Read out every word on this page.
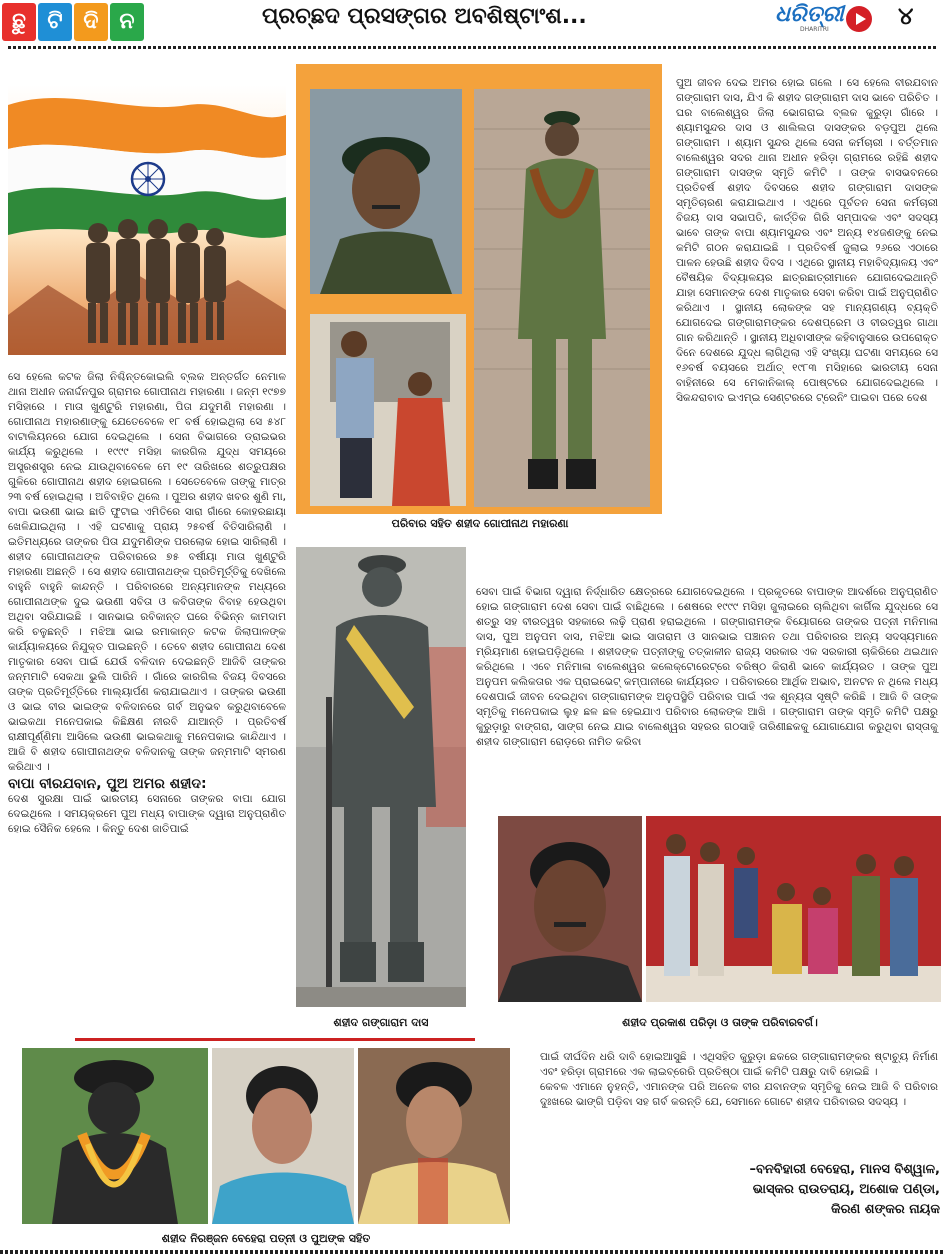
ଛୁ ଟି ଦି ନ	ପ୍ରଚ୍ଛଦ ପ୍ରସଙ୍ଗର ଅବଶିଷ୍ଟାଂଶ...	ଧରିତ୍ରୀ
DHARITRI	୪
ପରିବାର ସହିତ ଶହୀଦ ଗୋପୀନାଥ ମହାରଣା
ଶହୀଦ ଗଙ୍ଗାରାମ ଦାସ	ଶହୀଦ ପ୍ରକାଶ ପରିଡ଼ା ଓ ତାଙ୍କ ପରିବାରବର୍ଗ।
ଶହୀଦ ନିରଞ୍ଜନ ବେହେରା ପତ୍ନୀ ଓ ପୁଅଙ୍କ ସହିତ

ସେ ହେଲେ କଟକ ଜିଲା ନିଶ୍ଚିନ୍ତକୋଇଲି ବ୍ଲକ ଅନ୍ତର୍ଗତ ନେମାଳ ଥାନା ଅଧୀନ ଜନାର୍ଦ୍ଦନପୁର ଗ୍ରାମର ଗୋପୀନାଥ ମହାରଣା । ଜନ୍ମ ୧୯୭୭ ମସିହାରେ । ମାତା ଖୁଣ୍ଟୁରି ମହାରଣା, ପିତା ଯଦୁମଣି ମହାରଣା । ଗୋପୀନାଥ ମହାରଣାଙ୍କୁ ଯେତେବେଳେ ୧୮ ବର୍ଷ ହୋଇଥିଲା ସେ ୫୪୮ ବାଟାଲିୟନରେ ଯୋଗ ଦେଇଥିଲେ । ସେନା ବିଭାଗରେ ଡ୍ରାଇଭର କାର୍ଯ୍ୟ କରୁଥିଲେ । ୧୯୯୯ ମସିହା କାରଗିଲ ଯୁଦ୍ଧ ସମୟରେ ଅସ୍ତ୍ରଶସ୍ତ୍ର ନେଇ ଯାଉଥିବାବେଳେ ମେ ୧୯ ତାରିଖରେ ଶତ୍ରୁପକ୍ଷର ଗୁଳିରେ ଗୋପୀନାଥ ଶହୀଦ ହୋଇଗଲେ । ସେତେବେଳେ ତାଙ୍କୁ ମାତ୍ର ୨୩ ବର୍ଷ ହୋଇଥିଲା । ଅବିବାହିତ ଥିଲେ । ପୁଅର ଶହୀଦ ଖବର ଶୁଣି ମା, ବାପା ଭଉଣୀ ଭାଇ ଛାତି ଫୁଟାଇ ଏମିତିରେ ସାରା ଗାଁରେ କୋହରଛାୟା ଖେଳିଯାଇଥିଲା । ଏହି ଘଟଣାକୁ ପ୍ରାୟ ୨୫ବର୍ଷ ବିତିସାରିଲାଣି । ଇତିମଧ୍ୟରେ ତାଙ୍କର ପିତା ଯଦୁମଣିଙ୍କ ପରଲୋକ ହୋଇ ସାରିଲାଣି । ଶହୀଦ ଗୋପୀନାଥଙ୍କ ପରିବାରରେ ୭୫ ବର୍ଷୀୟା ମାତା ଖୁଣ୍ଟୁରି ମହାରଣା ଅଛନ୍ତି । ସେ ଶହୀଦ ଗୋପୀନାଥଙ୍କ ପ୍ରତିମୂର୍ତ୍ତିକୁ ଦେଖିଲେ ବାହୁନି ବାହୁନି କାନ୍ଦନ୍ତି । ପରିବାରରେ ଅନ୍ୟମାନଙ୍କ ମଧ୍ୟରେ ଗୋପୀନାଥଙ୍କ ଦୁଇ ଭଉଣୀ ସବିତା ଓ କବିତାଙ୍କ ବିବାହ ହେଉଥିବା ଅଥିବା ସରିଯାଇଛି । ସାନଭାଇ ରବିକାନ୍ତ ଘରେ ବିଭିନ୍ନ କାମଦାମ କରି ଚଳୁଛନ୍ତି । ମଝିଆ ଭାଇ ରମାକାନ୍ତ କଟକ ଜିଲାପାଳଙ୍କ କାର୍ଯ୍ୟାଳୟରେ ନିଯୁକ୍ତ ପାଇଛନ୍ତି । ତେବେ ଶହୀଦ ଗୋପୀନାଥ ଦେଶ ମାତୃକାର ସେବା ପାଇଁ ଯେଉଁ ବଳିଦାନ ଦେଇଛନ୍ତି ଆଜିବି ତାଙ୍କର ଜନ୍ମମାଟି ସେକଥା ଭୁଲି ପାରିନି । ଗାଁରେ କାରଗିଲ ବିଜୟ ଦିବସରେ ତାଙ୍କ ପ୍ରତିମୂର୍ତ୍ତିରେ ମାଲ୍ୟାର୍ପଣ କରାଯାଇଥାଏ । ତାଙ୍କର ଭଉଣୀ ଓ ଭାଇ ବୀର ଭାଇଙ୍କ ବଳିଦାନରେ ଗର୍ବ ଅନୁଭବ କରୁଥିବାବେଳେ ଭାଇକଥା ମନେପକାଇ କିଛିକ୍ଷଣ ନୀରବି ଯାଆନ୍ତି । ପ୍ରତିବର୍ଷ ରାକ୍ଷୀପୂର୍ଣ୍ଣିମା ଆସିଲେ ଭଉଣୀ ଭାଇକଥାକୁ ମନେପକାଇ କାନ୍ଦିଥାଏ । ଆଜି ବି ଶହୀଦ ଗୋପୀନାଥଙ୍କ ବଳିଦାନକୁ ତାଙ୍କ ଜନ୍ମମାଟି ସ୍ମରଣ କରିଥାଏ ।

ବାପା ବୀରଯବାନ, ପୁଅ ଅମର ଶହୀଦ:

ଦେଶ ସୁରକ୍ଷା ପାଇଁ ଭାରତୀୟ ସେନାରେ ତାଙ୍କର ବାପା ଯୋଗ ଦେଇଥିଲେ । ସମୟକ୍ରମେ ପୁଅ ମଧ୍ୟ ବାପାଙ୍କ ଦ୍ୱାରା ଅନୁପ୍ରାଣିତ ହୋଇ ସୈନିକ ହେଲେ । କିନ୍ତୁ ଦେଶ ଜାତିପାଇଁ

ପୁଅ ଜୀବନ ଦେଇ ଅମର ହୋଇ ଗଲେ । ସେ ହେଲେ ବୀରଯବାନ ଗଙ୍ଗାରାମ ଦାସ, ଯିଏ କି ଶହୀଦ ଗଙ୍ଗାରାମ ଦାସ ଭାବେ ପରିଚିତ । ଘର ବାଲେଶ୍ୱର ଜିଲା ଭୋଗରାଇ ବ୍ଲକ କୁରୁଡ଼ା ଗାଁରେ । ଶ୍ୟାମସୁନ୍ଦର ଦାସ ଓ ଶାଲିଲତା ଦାସଙ୍କର ବଡ଼ପୁଅ ଥିଲେ ଗଙ୍ଗାରାମ । ଶ୍ୟାମ ସୁନ୍ଦର ଥିଲେ ସେନା କର୍ମଚାରୀ । ବର୍ତ୍ତମାନ ବାଲେଶ୍ୱର ସଦର ଥାନା ଅଧୀନ ହରିଡ଼ା ଗ୍ରାମରେ ରହିଛି ଶହୀଦ ଗଙ୍ଗାରାମ ଦାସଙ୍କ ସ୍ମୃତି କମିଟି । ତାଙ୍କ ବାସଭବନରେ ପ୍ରତିବର୍ଷ ଶହୀଦ ଦିବସରେ ଶହୀଦ ଗଙ୍ଗାରାମ ଦାସଙ୍କ ସ୍ମୃତିଚାରଣ କରାଯାଇଥାଏ । ଏଥିରେ ପୂର୍ବତନ ସେନା କର୍ମଚାରୀ ବିଜୟ ଦାସ ସଭାପତି, କାର୍ତ୍ତିକ ଗିରି ସମ୍ପାଦକ ଏବଂ ସଦସ୍ୟ ଭାବେ ତାଙ୍କ ବାପା ଶ୍ୟାମସୁନ୍ଦର ଏବଂ ଅନ୍ୟ ୧୪ଜଣଙ୍କୁ ନେଇ କମିଟି ଗଠନ କରାଯାଇଛି । ପ୍ରତିବର୍ଷ ଜୁଲାଇ ୨୬ରେ ଏଠାରେ ପାଳନ ହେଉଛି ଶହୀଦ ଦିବସ । ଏଥିରେ ସ୍ଥାନୀୟ ମହାବିଦ୍ୟାଳୟ ଏବଂ ବୈଷୟିକ ବିଦ୍ୟାଳୟର ଛାତ୍ରଛାତ୍ରୀମାନେ ଯୋଗଦେଇଥାନ୍ତି ଯାହା ସେମାନଙ୍କ ଦେଶ ମାତୃକାର ସେବା କରିବା ପାଇଁ ଅନୁପ୍ରାଣିତ କରିଥାଏ । ସ୍ଥାନୀୟ ଲୋକଙ୍କ ସହ ମାନ୍ୟଗଣ୍ୟ ବ୍ୟକ୍ତି ଯୋଗଦେଇ ଗଙ୍ଗାରାମଙ୍କର ଦେଶପ୍ରେମ ଓ ବୀରତ୍ୱର ଗାଥା ଗାନ କରିଥାନ୍ତି । ସ୍ଥାନୀୟ ଅଧିବାସୀଙ୍କ କହିବାନୁସାରେ ଉପରୋକ୍ତ ଦିନେ ଦେଶରେ ଯୁଦ୍ଧ ଲାଗିଥିଲା ଏହି ସଂଖ୍ୟା ଘଟଣା ସମୟରେ ସେ ୧୬ବର୍ଷ ବୟସରେ ଅର୍ଥାତ୍ ୧୯୮୩ ମସିହାରେ ଭାରତୀୟ ସେନା ବାହିନୀରେ ସେ ମେକାନିକାଲ୍ ପୋଷ୍ଟରେ ଯୋଗଦେଇଥିଲେ । ସିକନ୍ଦରାବାଦ ଇଏମ୍ଇ ସେଣ୍ଟରରେ ଟ୍ରେନିଂ ପାଇବା ପରେ ଦେଶ

ସେବା ପାଇଁ ବିଭାଗ ଦ୍ୱାରା ନିର୍ଦ୍ଧାରିତ କ୍ଷେତ୍ରରେ ଯୋଗଦେଇଥିଲେ । ପ୍ରକୃତରେ ବାପାଙ୍କ ଆଦର୍ଶରେ ଅନୁପ୍ରାଣିତ ହୋଇ ଗଙ୍ଗାରାମ ଦେଶ ସେବା ପାଇଁ ବାଛିଥିଲେ । ଶେଷରେ ୧୯୯୯ ମସିହା ଜୁଲାଇରେ ଚାଲିଥିବା କାର୍ଗିଲ ଯୁଦ୍ଧରେ ସେ ଶତ୍ରୁ ସହ ବୀରତ୍ୱର ସହକାରେ ଲଢ଼ି ପ୍ରାଣ ହରାଇଥିଲେ । ଗଙ୍ଗାରାମଙ୍କ ବିୟୋଗରେ ତାଙ୍କର ପତ୍ନୀ ମନିମାଳା ଦାସ, ପୁଅ ଅନୁପମ ଦାସ, ମଝିଆ ଭାଇ ସାତାରାମ ଓ ସାନଭାଇ ପଞ୍ଚାନନ ତଥା ପରିବାରର ଅନ୍ୟ ସଦସ୍ୟମାନେ ମ୍ରିୟମାଣ ହୋଇପଡ଼ିଥିଲେ । ଶହୀଦଙ୍କ ପତ୍ନୀଙ୍କୁ ତତ୍କାଳୀନ ରାଜ୍ୟ ସରକାର ଏକ ସରକାରୀ ଚାକିରିରେ ଥଇଥାନ କରିଥିଲେ । ଏବେ ମନିମାଳା ବାଲେଶ୍ୱର କଲେକ୍ଟୋରେଟ୍‌ରେ ବରିଷ୍ଠ କିରାଣି ଭାବେ କାର୍ଯ୍ୟରତ । ତାଙ୍କ ପୁଅ ଅନୁପମ କଲିକତାର ଏକ ପ୍ରାଇଭେଟ୍ କମ୍ପାନୀରେ କାର୍ଯ୍ୟରତ । ପରିବାରରେ ଆର୍ଥିକ ଅଭାବ, ଅନଟନ ନ ଥିଲେ ମଧ୍ୟ ଦେଶପାଇଁ ଜୀବନ ଦେଇଥିବା ଗଙ୍ଗାରାମଙ୍କ ଅନୁପସ୍ଥିତି ପରିବାର ପାଇଁ ଏକ ଶୂନ୍ୟତା ସୃଷ୍ଟି କରିଛି । ଆଜି ବି ତାଙ୍କ ସ୍ମୃତିକୁ ମନେପକାଇ ଲୁହ ଛଳ ଛଳ ହେଇଯାଏ ପରିବାର ଲୋକଙ୍କ ଆଖି । ଗଙ୍ଗାରାମ ତାଙ୍କ ସ୍ମୃତି କମିଟି ପକ୍ଷରୁ କୁରୁଡ଼ାରୁ ବାଙ୍ଗରା, ସାଙ୍ଗ ନେଇ ଯାଇ ବାଲେଶ୍ୱର ସହରର ଗଠସାହି ତାରିଣୀଛକକୁ ଯୋଗାଯୋଗ କରୁଥିବା ରାସ୍ତାକୁ ଶହୀଦ ଗଙ୍ଗାରାମ ରୋଡ଼ରେ ନାମିତ କରିବା

ପାଇଁ ଦୀର୍ଘଦିନ ଧରି ଦାବି ହୋଇଆସୁଛି । ଏଥିସହିତ କୁରୁଡ଼ା ଛକରେ ଗଙ୍ଗାରାମଙ୍କର ଷ୍ଟାଚ୍ୟୁ ନିର୍ମାଣ ଏବଂ ହରିଡ଼ା ଗ୍ରାମରେ ଏକ ଲାଇବ୍ରେରି ପ୍ରତିଷ୍ଠା ପାଇଁ କମିଟି ପକ୍ଷରୁ ଦାବି ହୋଇଛି ।

କେବଳ ଏମାନେ ନୁହନ୍ତି, ଏମାନଙ୍କ ପରି ଅନେକ ବୀର ଯବାନଙ୍କ ସ୍ମୃତିକୁ ନେଇ ଆଜି ବି ପରିବାର ଦୁଃଖରେ ଭାଙ୍ଗି ପଡ଼ିବା ସହ ଗର୍ବ କରନ୍ତି ଯେ, ସେମାନେ ଗୋଟେ ଶହୀଦ ପରିବାରର ସଦସ୍ୟ ।

–ବନବିହାରୀ ବେହେରା, ମାନସ ବିଶ୍ୱାଳ,
ଭାସ୍କର ରାଉତରାୟ, ଅଶୋକ ପଣ୍ଡା,
କିରଣ ଶଙ୍କର ନାୟକ
